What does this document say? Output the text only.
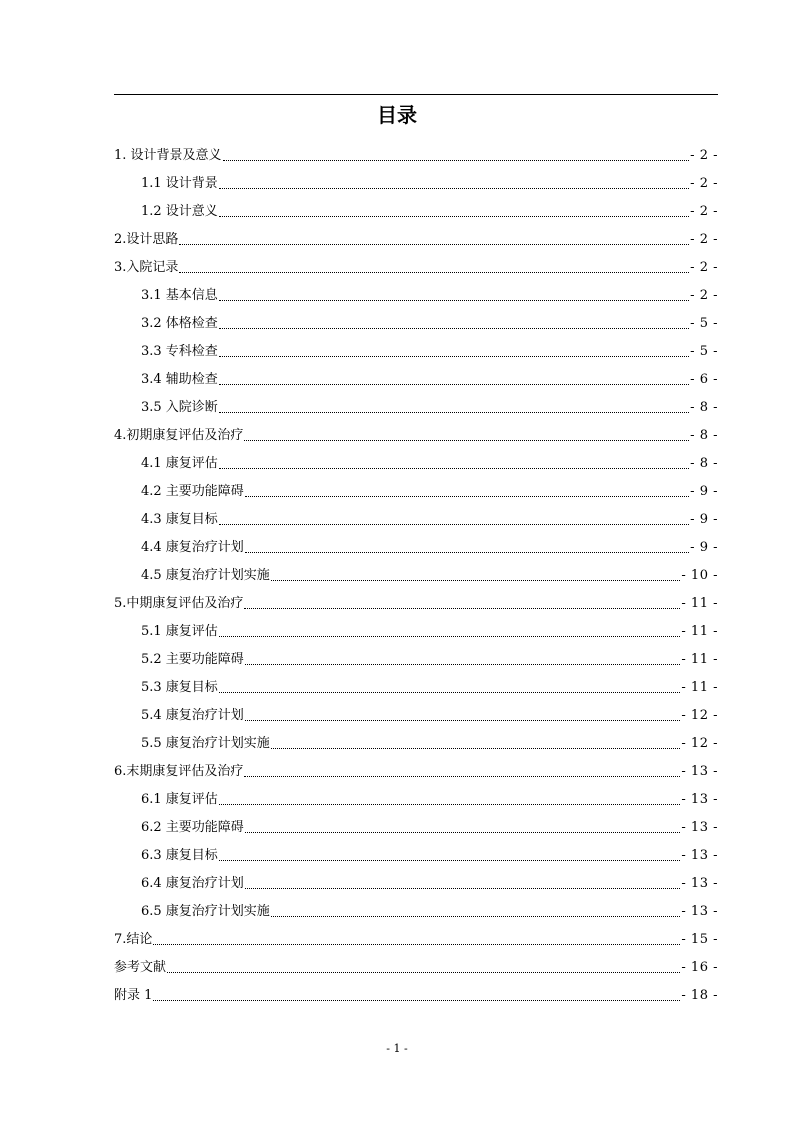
目录
1. 设计背景及意义	- 2 -
1.1 设计背景	- 2 -
1.2 设计意义	- 2 -
2.设计思路	- 2 -
3.入院记录	- 2 -
3.1 基本信息	- 2 -
3.2 体格检查	- 5 -
3.3 专科检查	- 5 -
3.4 辅助检查	- 6 -
3.5 入院诊断	- 8 -
4.初期康复评估及治疗	- 8 -
4.1 康复评估	- 8 -
4.2 主要功能障碍	- 9 -
4.3 康复目标	- 9 -
4.4 康复治疗计划	- 9 -
4.5 康复治疗计划实施	- 10 -
5.中期康复评估及治疗	- 11 -
5.1 康复评估	- 11 -
5.2 主要功能障碍	- 11 -
5.3 康复目标	- 11 -
5.4 康复治疗计划	- 12 -
5.5 康复治疗计划实施	- 12 -
6.末期康复评估及治疗	- 13 -
6.1 康复评估	- 13 -
6.2 主要功能障碍	- 13 -
6.3 康复目标	- 13 -
6.4 康复治疗计划	- 13 -
6.5 康复治疗计划实施	- 13 -
7.结论	- 15 -
参考文献	- 16 -
附录 1	- 18 -
- 1 -
